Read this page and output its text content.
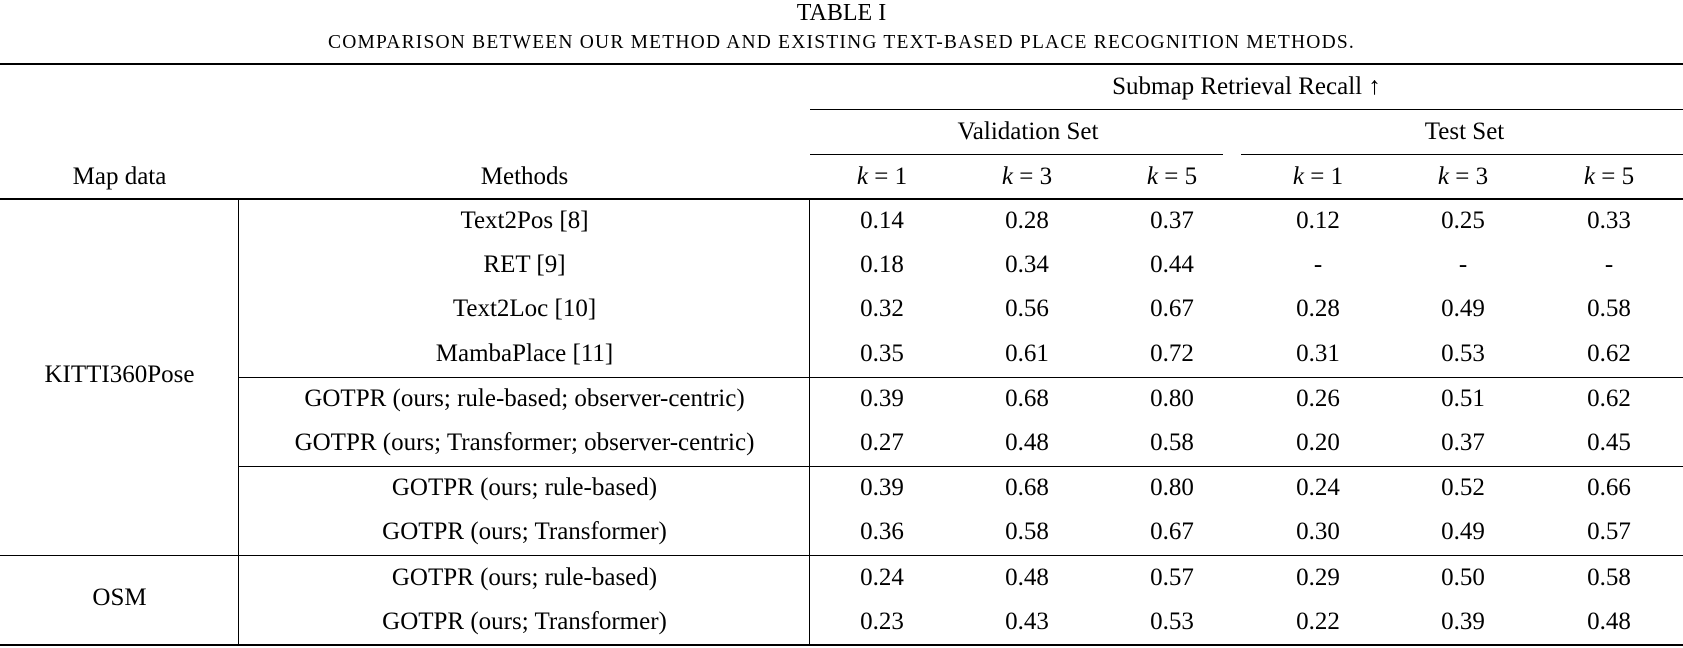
TABLE I
COMPARISON BETWEEN OUR METHOD AND EXISTING TEXT-BASED PLACE RECOGNITION METHODS.
Submap Retrieval Recall ↑
Validation Set	Test Set
Map data	Methods	k = 1	k = 3	k = 5	k = 1	k = 3	k = 5
KITTI360Pose
OSM
Text2Pos [8]	0.14	0.28	0.37	0.12	0.25	0.33
RET [9]	0.18	0.34	0.44	-	-	-
Text2Loc [10]	0.32	0.56	0.67	0.28	0.49	0.58
MambaPlace [11]	0.35	0.61	0.72	0.31	0.53	0.62
GOTPR (ours; rule-based; observer-centric)	0.39	0.68	0.80	0.26	0.51	0.62
GOTPR (ours; Transformer; observer-centric)	0.27	0.48	0.58	0.20	0.37	0.45
GOTPR (ours; rule-based)	0.39	0.68	0.80	0.24	0.52	0.66
GOTPR (ours; Transformer)	0.36	0.58	0.67	0.30	0.49	0.57
GOTPR (ours; rule-based)	0.24	0.48	0.57	0.29	0.50	0.58
GOTPR (ours; Transformer)	0.23	0.43	0.53	0.22	0.39	0.48
